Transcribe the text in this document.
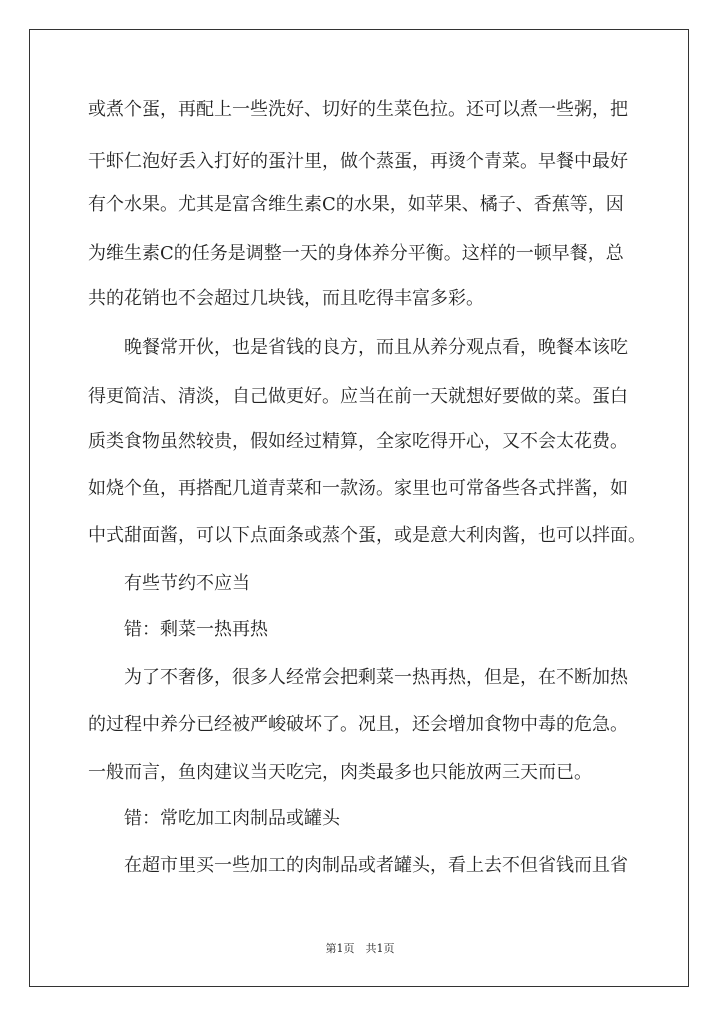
或煮个蛋，再配上一些洗好、切好的生菜色拉。还可以煮一些粥，把
干虾仁泡好丢入打好的蛋汁里，做个蒸蛋，再烫个青菜。早餐中最好
有个水果。尤其是富含维生素C的水果，如苹果、橘子、香蕉等，因
为维生素C的任务是调整一天的身体养分平衡。这样的一顿早餐，总
共的花销也不会超过几块钱，而且吃得丰富多彩。
晚餐常开伙，也是省钱的良方，而且从养分观点看，晚餐本该吃
得更简洁、清淡，自己做更好。应当在前一天就想好要做的菜。蛋白
质类食物虽然较贵，假如经过精算，全家吃得开心，又不会太花费。
如烧个鱼，再搭配几道青菜和一款汤。家里也可常备些各式拌酱，如
中式甜面酱，可以下点面条或蒸个蛋，或是意大利肉酱，也可以拌面。
有些节约不应当
错：剩菜一热再热
为了不奢侈，很多人经常会把剩菜一热再热，但是，在不断加热
的过程中养分已经被严峻破坏了。况且，还会增加食物中毒的危急。
一般而言，鱼肉建议当天吃完，肉类最多也只能放两三天而已。
错：常吃加工肉制品或罐头
在超市里买一些加工的肉制品或者罐头，看上去不但省钱而且省
第1页　共1页
